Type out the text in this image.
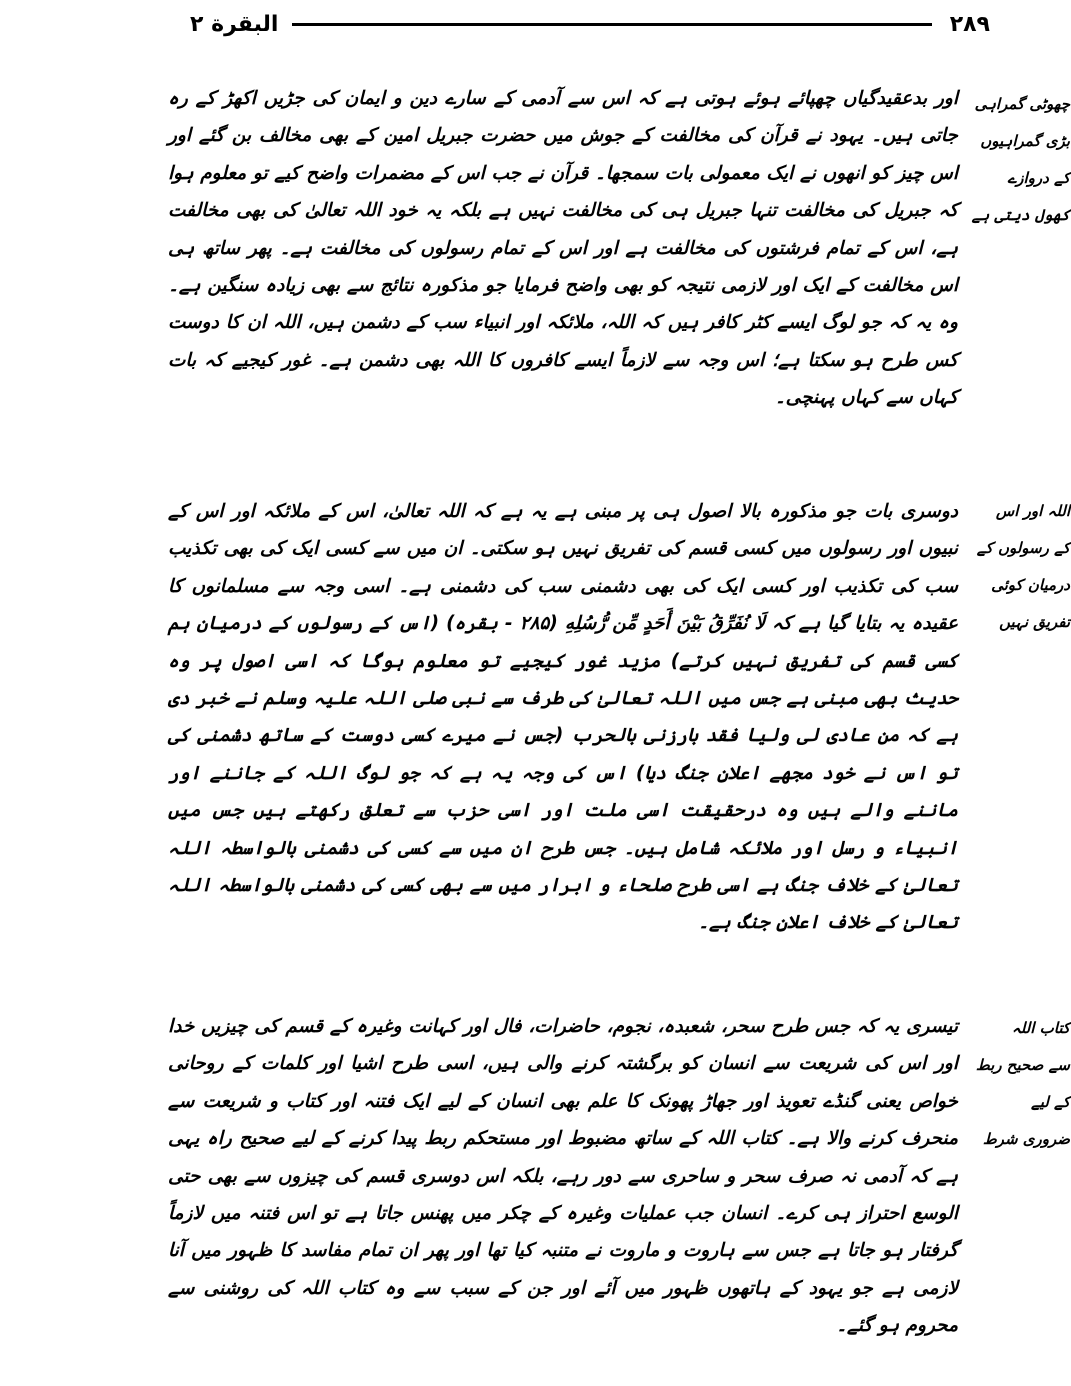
۲۸۹
البقرة ۲

اور بدعقیدگیاں چھپائے ہوئے ہوتی ہے کہ اس سے آدمی کے سارے دین و ایمان کی جڑیں اکھڑ کے رہ جاتی ہیں۔ یہود ‌نے قرآن کی مخالفت کے جوش میں حضرت جبریل امین کے بھی مخالف بن گئے اور اس چیز کو انھوں نے ایک معمولی بات سمجھا۔ قرآن نے جب اس کے مضمرات واضح کیے تو معلوم ہوا کہ جبریل کی مخالفت تنہا جبریل ہی کی مخالفت نہیں ہے بلکہ یہ خود اللہ تعالیٰ کی بھی مخالفت ہے، اس کے تمام فرشتوں کی مخالفت ہے اور اس کے تمام رسولوں کی مخالفت ہے۔ پھر ساتھ ہی اس مخالفت کے ایک اور لازمی نتیجہ کو بھی واضح فرمایا جو مذکورہ نتائج سے بھی زیادہ سنگین ہے۔ وہ یہ کہ جو لوگ ایسے کٹر کافر ہیں کہ اللہ، ملائکہ اور انبیاء سب کے دشمن ہیں، اللہ ان کا دوست کس طرح ہو سکتا ہے؛ اس وجہ سے لازماً ایسے کافروں کا اللہ بھی دشمن ہے۔ غور کیجیے کہ بات کہاں سے کہاں پہنچی۔

دوسری بات جو مذکورہ بالا اصول ہی پر مبنی ہے یہ ہے کہ اللہ تعالیٰ، اس کے ملائکہ اور اس کے نبیوں اور رسولوں میں کسی قسم کی تفریق نہیں ہو سکتی۔ ان میں سے کسی ایک کی بھی تکذیب سب کی تکذیب اور کسی ایک کی بھی دشمنی سب کی دشمنی ہے۔ اسی وجہ سے مسلمانوں کا عقیدہ یہ بتایا گیا ہے کہ لَا نُفَرِّقُ بَيْنَ أَحَدٍ مِّن رُّسُلِهِ (۲۸۵ - بقرہ) (اس کے رسولوں کے درمیان ہم کسی قسم کی تفریق نہیں کرتے) مزید غور کیجیے تو معلوم ہوگا کہ اسی اصول پر وہ حدیث بھی مبنی ہے جس میں اللہ تعالیٰ کی طرف سے نبی صلی اللہ علیہ وسلم نے خبر دی ہے کہ من عادی لی ولیا فقد بارزنی بالحرب (جس نے میرے کسی دوست کے ساتھ دشمنی کی تو اس نے خود مجھے اعلانِ جنگ دیا) اس کی وجہ یہ ہے کہ جو لوگ اللہ کے جاننے اور ماننے والے ہیں وہ درحقیقت اسی ملت اور اسی حزب سے تعلق رکھتے ہیں جس میں انبیاء و رسل اور ملائکہ شامل ہیں۔ جس طرح ان میں سے کسی کی دشمنی بالواسطہ اللہ تعالیٰ کے خلاف جنگ ہے اسی طرح صلحاء و ابرار میں سے بھی کسی کی دشمنی بالواسطہ اللہ تعالیٰ کے خلاف اعلانِ جنگ ہے۔

تیسری یہ کہ جس طرح سحر، شعبدہ، نجوم، حاضرات، فال اور کہانت وغیرہ کے قسم کی چیزیں خدا اور اس کی شریعت سے انسان کو برگشتہ کرنے والی ہیں، اسی طرح اشیا اور کلمات کے روحانی خواص یعنی گنڈے تعویذ اور جھاڑ پھونک کا علم بھی انسان کے لیے ایک فتنہ اور کتاب و شریعت سے منحرف کرنے والا ہے۔ کتاب اللہ کے ساتھ مضبوط اور مستحکم ربط پیدا کرنے کے لیے صحیح راہ یہی ہے کہ آدمی نہ صرف سحر و ساحری سے دور رہے، بلکہ اس دوسری قسم کی چیزوں سے بھی حتی الوسع احتراز ہی کرے۔ انسان جب عملیات وغیرہ کے چکر میں پھنس جاتا ہے تو اس فتنہ میں لازماً گرفتار ہو جاتا ہے جس سے ہاروت و ماروت نے متنبہ کیا تھا اور پھر ان تمام مفاسد کا ظہور میں آنا لازمی ہے جو یہود کے ہاتھوں ظہور میں آئے اور جن کے سبب سے وہ کتاب اللہ کی روشنی سے محروم ہو گئے۔

چھوٹی گمراہی
بڑی گمراہیوں
کے دروازے
کھول دیتی ہے
اللہ اور اس
کے رسولوں کے
درمیان کوئی
تفریق نہیں
کتاب اللہ
سے صحیح ربط
کے لیے
ضروری شرط
